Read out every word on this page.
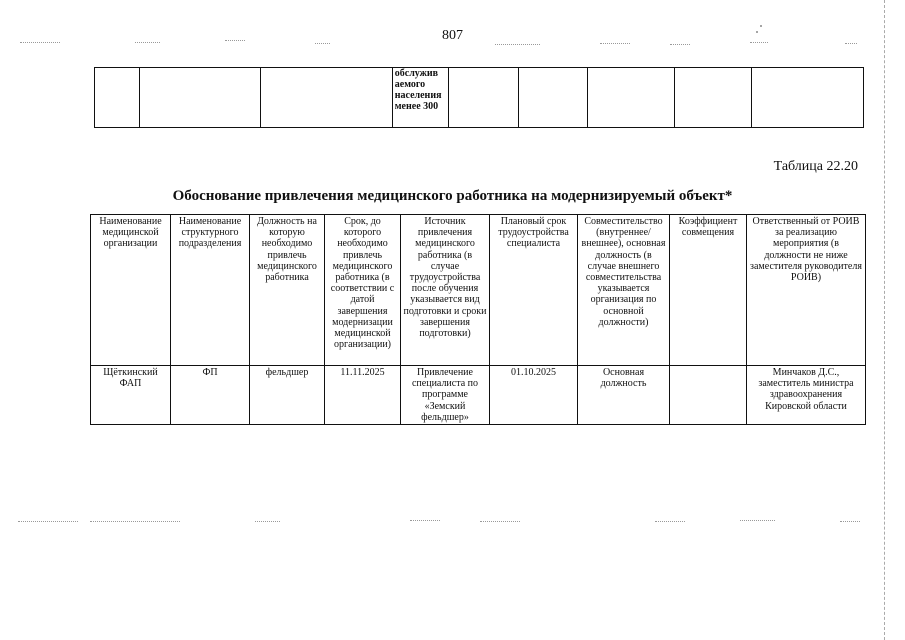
807
			обслужив аемого населения менее 300					
Таблица 22.20
Обоснование привлечения медицинского работника на модернизируемый объект*
Наименование медицинской организации	Наименование структурного подразделения	Должность на которую необходимо привлечь медицинского работника	Срок, до которого необходимо привлечь медицинского работника (в соответствии с датой завершения модернизации медицинской организации)	Источник привлечения медицинского работника (в случае трудоустройства после обучения указывается вид подготовки и сроки завершения подготовки)	Плановый срок трудоустройства специалиста	Совместительство (внутреннее/внешнее), основная должность (в случае внешнего совместительства указывается организация по основной должности)	Коэффициент совмещения	Ответственный от РОИВ за реализацию мероприятия (в должности не ниже заместителя руководителя РОИВ)
Щёткинский ФАП	ФП	фельдшер	11.11.2025	Привлечение специалиста по программе «Земский фельдшер»	01.10.2025	Основная должность		Минчаков Д.С., заместитель министра здравоохранения Кировской области
